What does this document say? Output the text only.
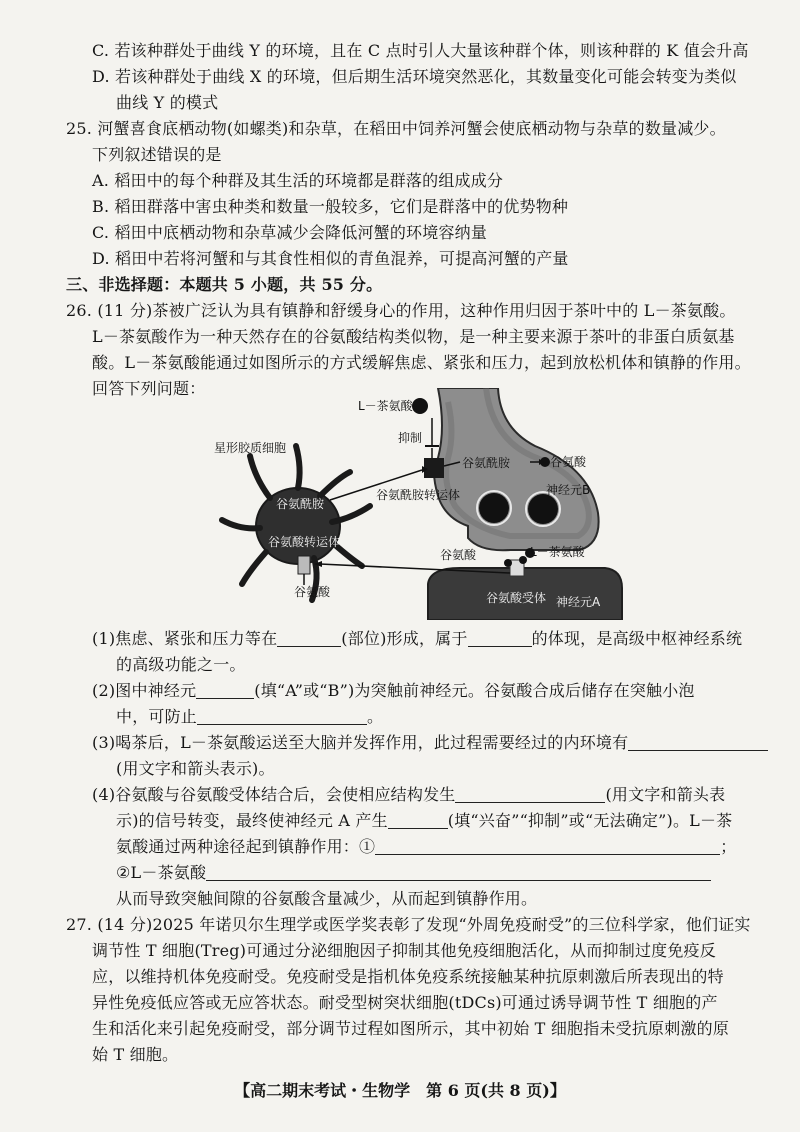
C. 若该种群处于曲线 Y 的环境，且在 C 点时引人大量该种群个体，则该种群的 K 值会升高
D. 若该种群处于曲线 X 的环境，但后期生活环境突然恶化，其数量变化可能会转变为类似
曲线 Y 的模式
25. 河蟹喜食底栖动物(如螺类)和杂草，在稻田中饲养河蟹会使底栖动物与杂草的数量减少。
下列叙述错误的是
A. 稻田中的每个种群及其生活的环境都是群落的组成成分
B. 稻田群落中害虫种类和数量一般较多，它们是群落中的优势物种
C. 稻田中底栖动物和杂草减少会降低河蟹的环境容纳量
D. 稻田中若将河蟹和与其食性相似的青鱼混养，可提高河蟹的产量
三、非选择题：本题共 5 小题，共 55 分。
26. (11 分)茶被广泛认为具有镇静和舒缓身心的作用，这种作用归因于茶叶中的 L－茶氨酸。
L－茶氨酸作为一种天然存在的谷氨酸结构类似物，是一种主要来源于茶叶的非蛋白质氨基
酸。L－茶氨酸能通过如图所示的方式缓解焦虑、紧张和压力，起到放松机体和镇静的作用。
回答下列问题：
L－茶氨酸
抑制
星形胶质细胞
谷氨酰胺	谷氨酸
神经元B
谷氨酰胺转运体
谷氨酰胺
谷氨酸转运体
谷氨酸	L－茶氨酸
谷氨酸	谷氨酸受体 神经元A
(1)焦虑、紧张和压力等在	(部位)形成，属于	的体现，是高级中枢神经系统
的高级功能之一。
(2)图中神经元	(填“A”或“B”)为突触前神经元。谷氨酸合成后储存在突触小泡
中，可防止	。
(3)喝茶后，L－茶氨酸运送至大脑并发挥作用，此过程需要经过的内环境有
(用文字和箭头表示)。
(4)谷氨酸与谷氨酸受体结合后，会使相应结构发生	(用文字和箭头表
示)的信号转变，最终使神经元 A 产生	(填“兴奋”“抑制”或“无法确定”)。L－茶
氨酸通过两种途径起到镇静作用：①	；
②L－茶氨酸
从而导致突触间隙的谷氨酸含量减少，从而起到镇静作用。
27. (14 分)2025 年诺贝尔生理学或医学奖表彰了发现“外周免疫耐受”的三位科学家，他们证实
调节性 T 细胞(Treg)可通过分泌细胞因子抑制其他免疫细胞活化，从而抑制过度免疫反
应，以维持机体免疫耐受。免疫耐受是指机体免疫系统接触某种抗原刺激后所表现出的特
异性免疫低应答或无应答状态。耐受型树突状细胞(tDCs)可通过诱导调节性 T 细胞的产
生和活化来引起免疫耐受，部分调节过程如图所示，其中初始 T 细胞指未受抗原刺激的原
始 T 细胞。
【高二期末考试・生物学　第 6 页(共 8 页)】
